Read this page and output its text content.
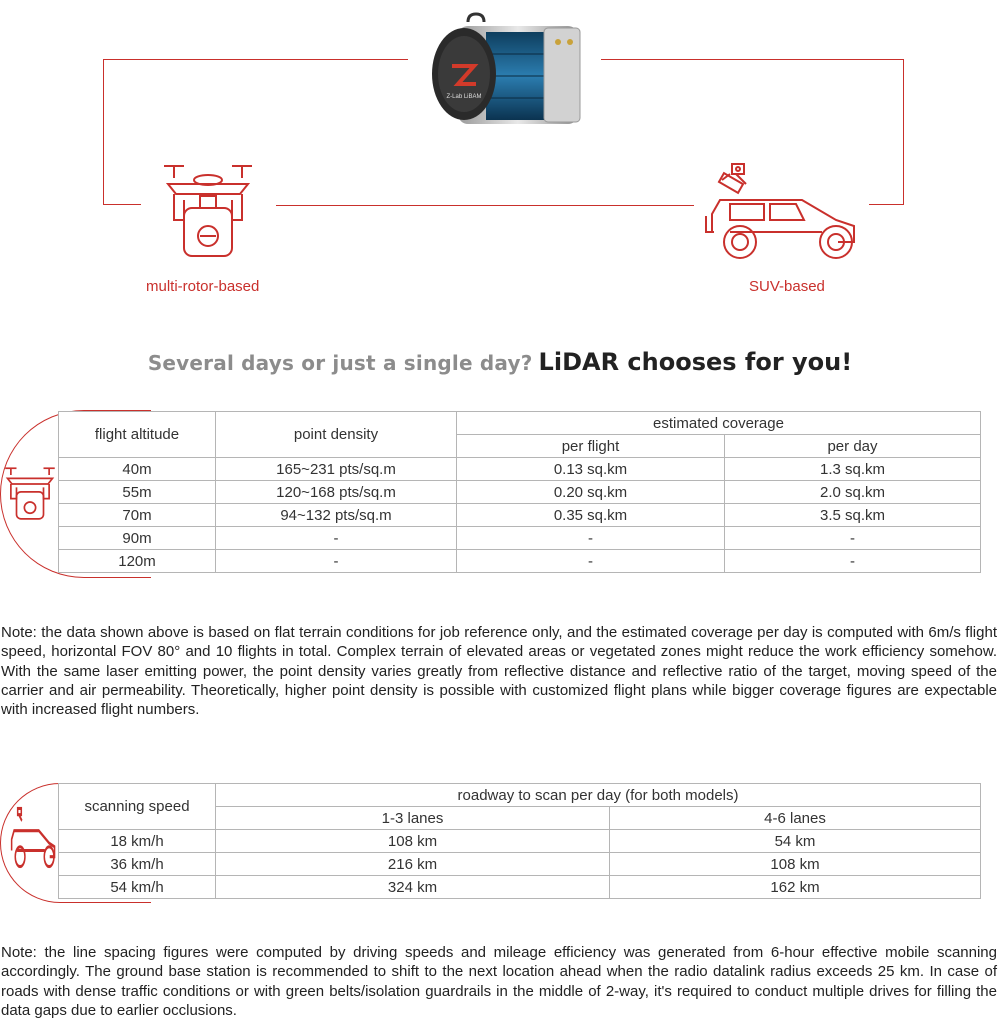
Z-Lab LiBAM
multi-rotor-based	SUV-based
Several days or just a single day? LiDAR chooses for you!
flight altitude	point density	estimated coverage	
		per flight	per day
40m	165~231 pts/sq.m	0.13 sq.km	1.3 sq.km
55m	120~168 pts/sq.m	0.20 sq.km	2.0 sq.km
70m	94~132 pts/sq.m	0.35 sq.km	3.5 sq.km
90m	-	-	-
120m	-	-	-

Note: the data shown above is based on flat terrain conditions for job reference only, and the estimated coverage per day is computed with 6m/s flight speed, horizontal FOV 80° and 10 flights in total. Complex terrain of elevated areas or vegetated zones might reduce the work efficiency somehow. With the same laser emitting power, the point density varies greatly from reflective distance and reflective ratio of the target, moving speed of the carrier and air permeability. Theoretically, higher point density is possible with customized flight plans while bigger coverage figures are expectable with increased flight numbers.

scanning speed	roadway to scan per day (for both models)	
	1-3 lanes	4-6 lanes
18 km/h	108 km	54 km
36 km/h	216 km	108 km
54 km/h	324 km	162 km

Note: the line spacing figures were computed by driving speeds and mileage efficiency was generated from 6-hour effective mobile scanning accordingly. The ground base station is recommended to shift to the next location ahead when the radio datalink radius exceeds 25 km. In case of roads with dense traffic conditions or with green belts/isolation guardrails in the middle of 2-way, it's required to conduct multiple drives for filling the data gaps due to earlier occlusions.
